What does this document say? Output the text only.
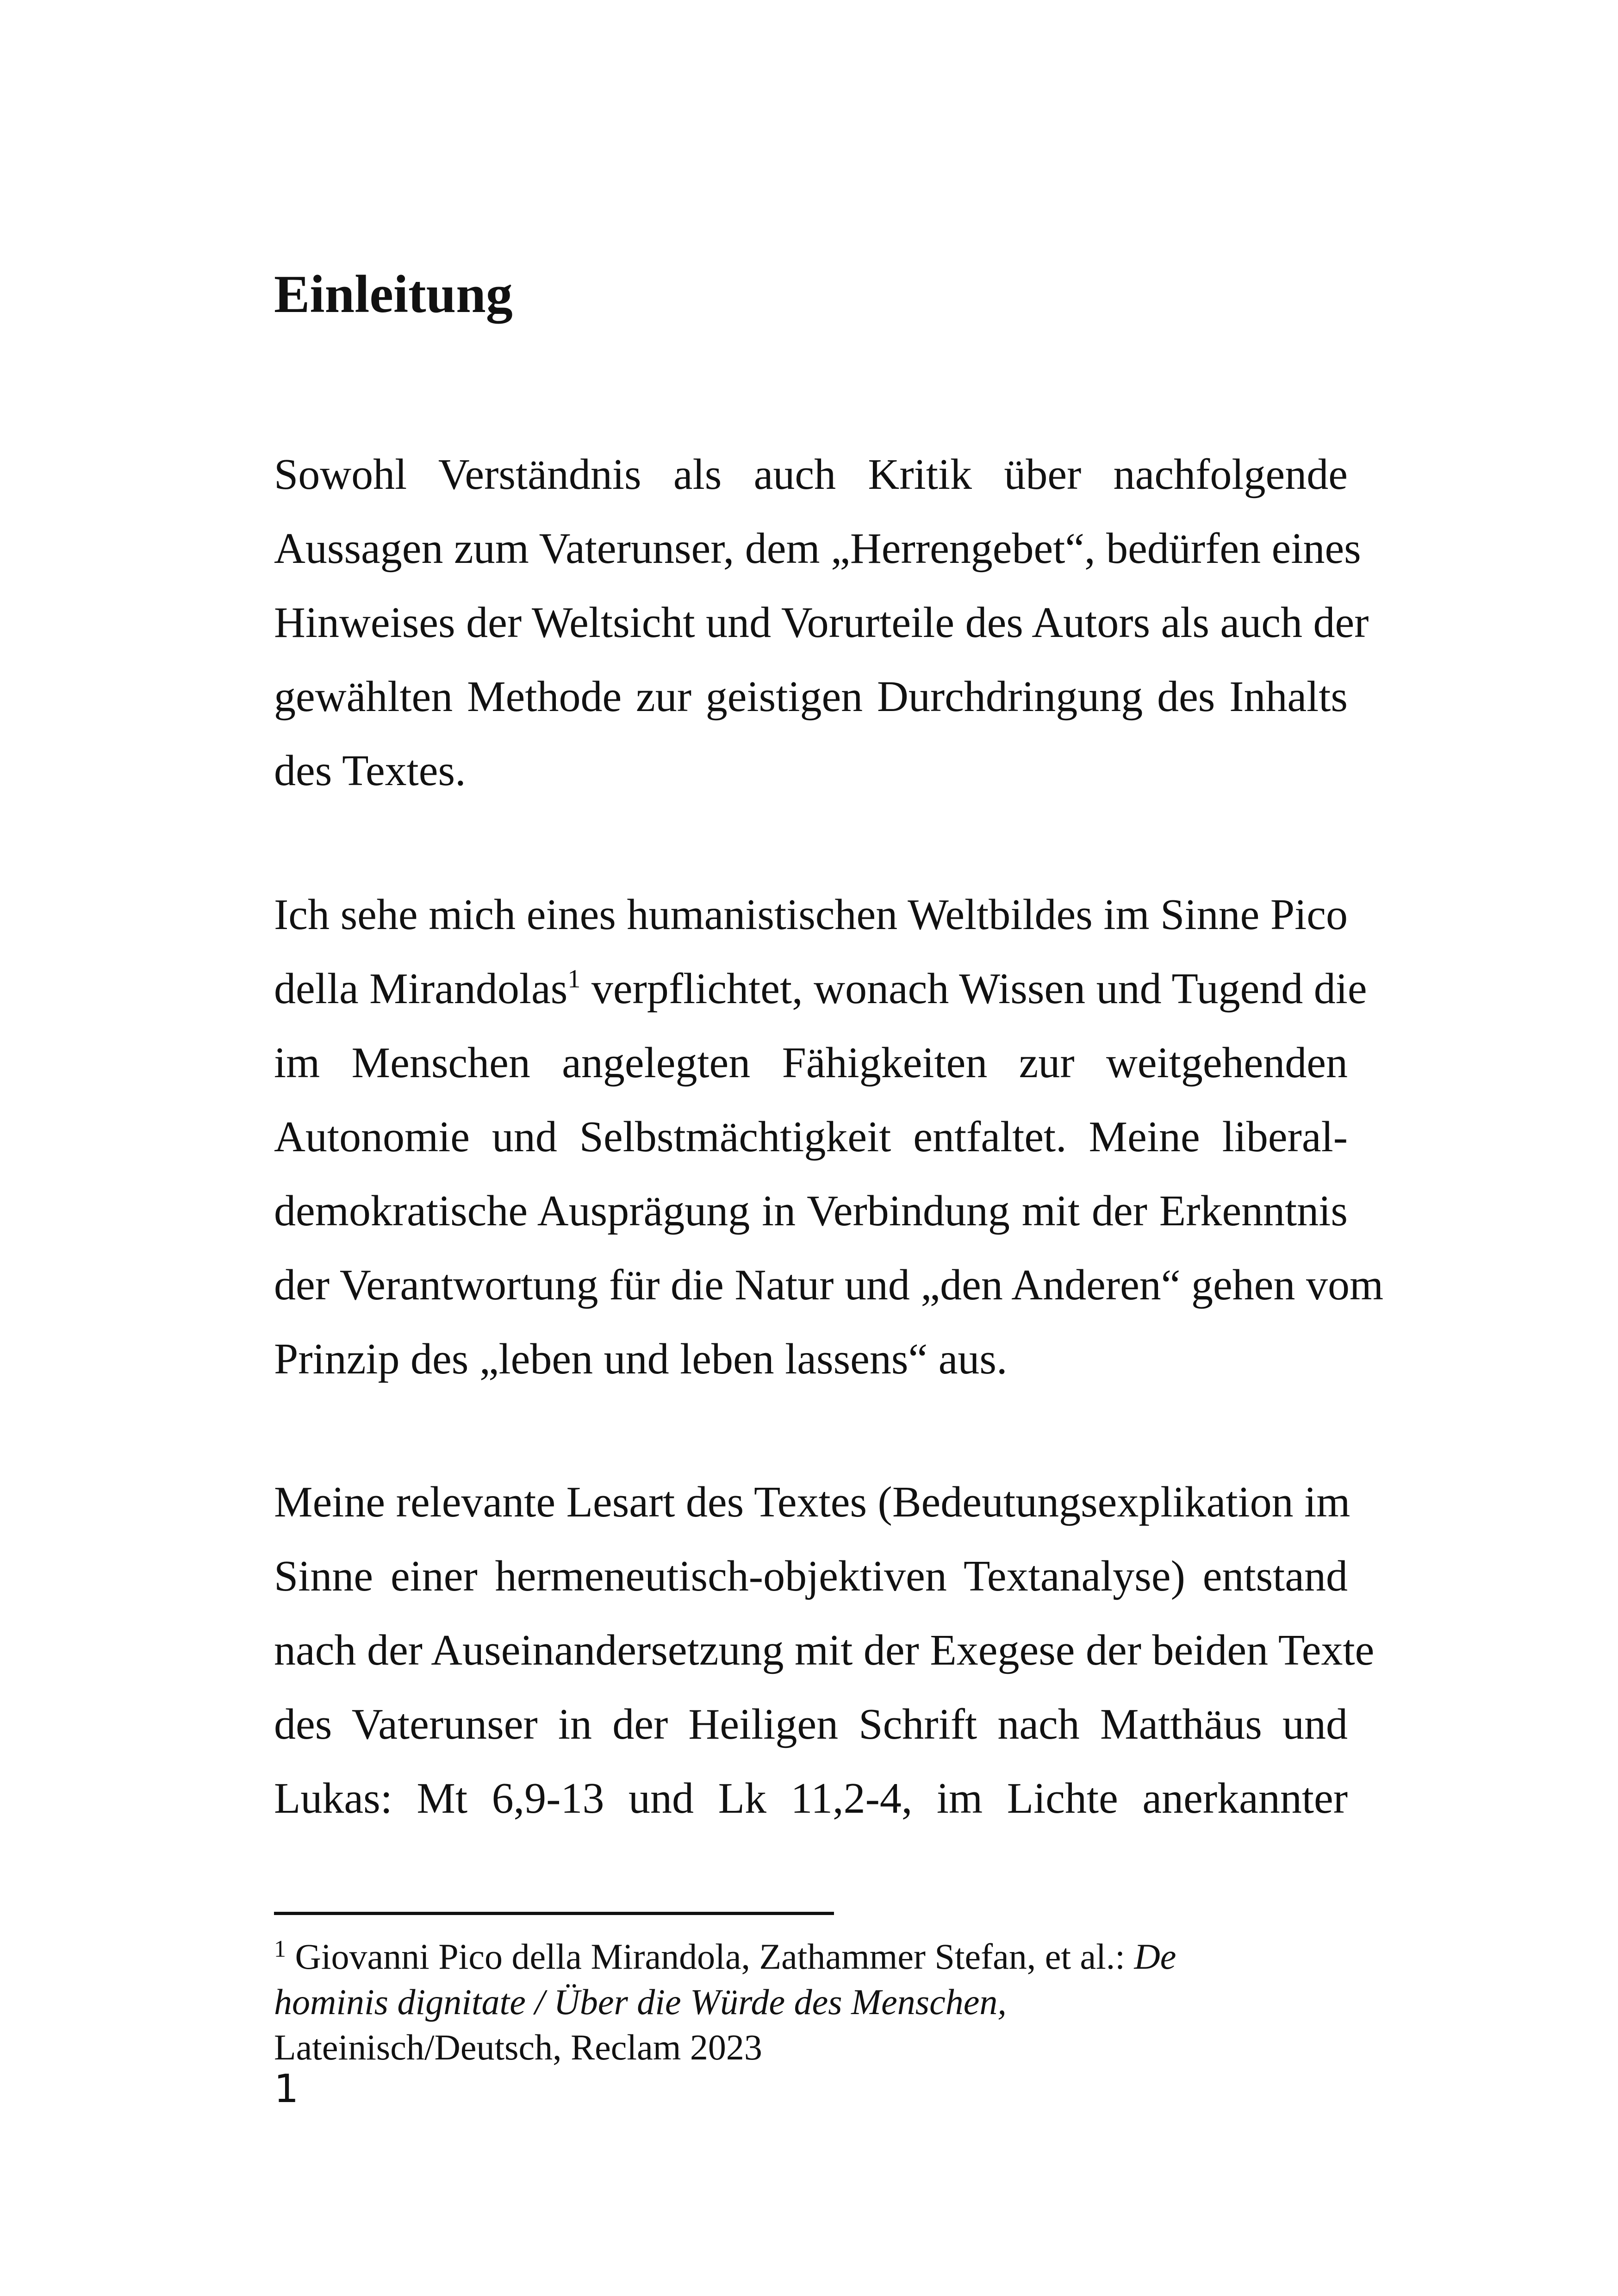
Einleitung

Sowohl Verständnis als auch Kritik über nachfolgende
Aussagen zum Vaterunser, dem „Herrengebet“, bedürfen eines
Hinweises der Weltsicht und Vorurteile des Autors als auch der
gewählten Methode zur geistigen Durchdringung des Inhalts
des Textes.

Ich sehe mich eines humanistischen Weltbildes im Sinne Pico
della Mirandolas$^1$ verpflichtet, wonach Wissen und Tugend die
im Menschen angelegten Fähigkeiten zur weitgehenden
Autonomie und Selbstmächtigkeit entfaltet. Meine liberal-
demokratische Ausprägung in Verbindung mit der Erkenntnis
der Verantwortung für die Natur und „den Anderen“ gehen vom
Prinzip des „leben und leben lassens“ aus.

Meine relevante Lesart des Textes (Bedeutungsexplikation im
Sinne einer hermeneutisch-objektiven Textanalyse) entstand
nach der Auseinandersetzung mit der Exegese der beiden Texte
des Vaterunser in der Heiligen Schrift nach Matthäus und
Lukas: Mt 6,9-13 und Lk 11,2-4, im Lichte anerkannter

$^1$ Giovanni Pico della Mirandola, Zathammer Stefan, et al.: De
hominis dignitate / Über die Würde des Menschen,
Lateinisch/Deutsch, Reclam 2023

1
